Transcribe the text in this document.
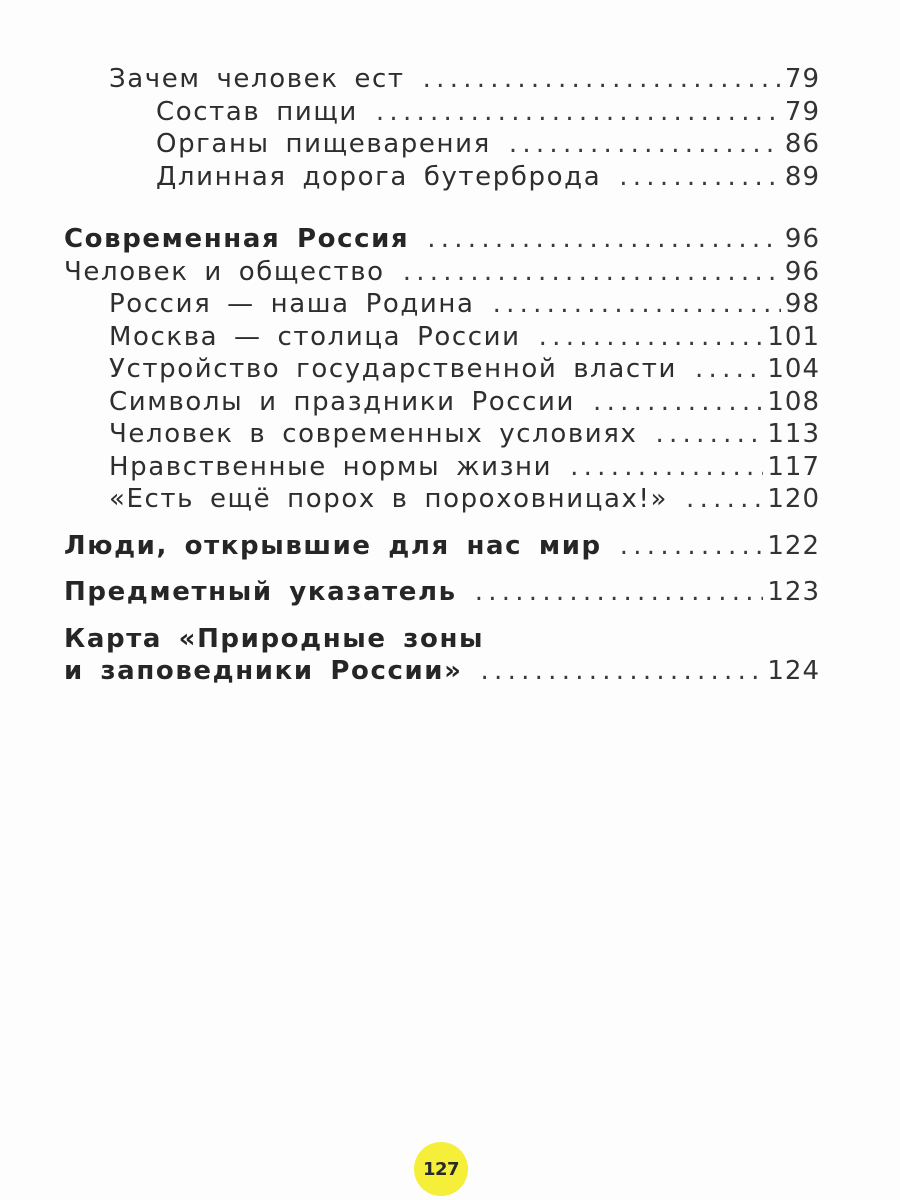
Зачем человек ест . . .	79
Состав пищи . . .	79
Органы пищеварения . . .	86
Длинная дорога бутерброда . . .	89
Современная Россия . . .	96
Человек и общество . . .	96
Россия — наша Родина . . .	98
Москва — столица России . . .	101
Устройство государственной власти . . .	104
Символы и праздники России . . .	108
Человек в современных условиях . . .	113
Нравственные нормы жизни . . .	117
«Есть ещё порох в пороховницах!» . . .	120
Люди, открывшие для нас мир . . .	122
Предметный указатель . . .	123
Карта «Природные зоны
и заповедники России» . . .	124
127
